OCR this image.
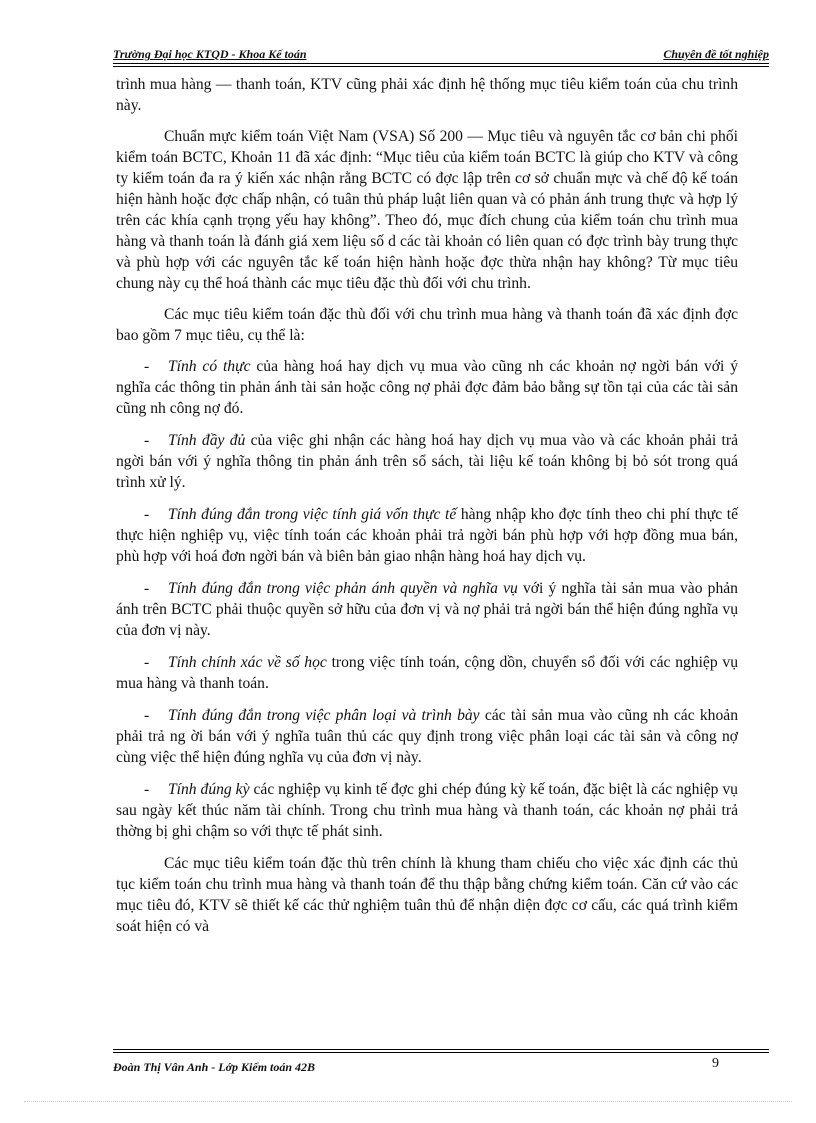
Trường Đại học KTQD - Khoa Kế toán	Chuyên đề tốt nghiệp

trình mua hàng — thanh toán, KTV cũng phải xác định hệ thống mục tiêu kiểm toán của chu trình này.

Chuẩn mực kiểm toán Việt Nam (VSA) Số 200 — Mục tiêu và nguyên tắc cơ bản chi phối kiểm toán BCTC, Khoản 11 đã xác định: “Mục tiêu của kiểm toán BCTC là giúp cho KTV và công ty kiểm toán đa ra ý kiến xác nhận rằng BCTC có đợc lập trên cơ sở chuẩn mực và chế độ kế toán hiện hành hoặc đợc chấp nhận, có tuân thủ pháp luật liên quan và có phản ánh trung thực và hợp lý trên các khía cạnh trọng yếu hay không”. Theo đó, mục đích chung của kiểm toán chu trình mua hàng và thanh toán là đánh giá xem liệu số d các tài khoản có liên quan có đợc trình bày trung thực và phù hợp với các nguyên tắc kế toán hiện hành hoặc đợc thừa nhận hay không? Từ mục tiêu chung này cụ thể hoá thành các mục tiêu đặc thù đối với chu trình.

Các mục tiêu kiểm toán đặc thù đối với chu trình mua hàng và thanh toán đã xác định đợc bao gồm 7 mục tiêu, cụ thể là:

- Tính có thực của hàng hoá hay dịch vụ mua vào cũng nh các khoản nợ ngời bán với ý nghĩa các thông tin phản ánh tài sản hoặc công nợ phải đợc đảm bảo bằng sự tồn tại của các tài sản cũng nh công nợ đó.

- Tính đầy đủ của việc ghi nhận các hàng hoá hay dịch vụ mua vào và các khoản phải trả ngời bán với ý nghĩa thông tin phản ánh trên sổ sách, tài liệu kế toán không bị bỏ sót trong quá trình xử lý.

- Tính đúng đắn trong việc tính giá vốn thực tế hàng nhập kho đợc tính theo chi phí thực tế thực hiện nghiệp vụ, việc tính toán các khoản phải trả ngời bán phù hợp với hợp đồng mua bán, phù hợp với hoá đơn ngời bán và biên bản giao nhận hàng hoá hay dịch vụ.

- Tính đúng đắn trong việc phản ánh quyền và nghĩa vụ với ý nghĩa tài sản mua vào phản ánh trên BCTC phải thuộc quyền sở hữu của đơn vị và nợ phải trả ngời bán thể hiện đúng nghĩa vụ của đơn vị này.

- Tính chính xác về số học trong việc tính toán, cộng dồn, chuyển sổ đối với các nghiệp vụ mua hàng và thanh toán.

- Tính đúng đắn trong việc phân loại và trình bày các tài sản mua vào cũng nh các khoản phải trả ng ời bán với ý nghĩa tuân thủ các quy định trong việc phân loại các tài sản và công nợ cùng việc thể hiện đúng nghĩa vụ của đơn vị này.

- Tính đúng kỳ các nghiệp vụ kinh tế đợc ghi chép đúng kỳ kế toán, đặc biệt là các nghiệp vụ sau ngày kết thúc năm tài chính. Trong chu trình mua hàng và thanh toán, các khoản nợ phải trả thờng bị ghi chậm so với thực tế phát sinh.

Các mục tiêu kiểm toán đặc thù trên chính là khung tham chiếu cho việc xác định các thủ tục kiểm toán chu trình mua hàng và thanh toán để thu thập bằng chứng kiểm toán. Căn cứ vào các mục tiêu đó, KTV sẽ thiết kế các thử nghiệm tuân thủ để nhận diện đợc cơ cấu, các quá trình kiểm soát hiện có và

Đoàn Thị Vân Anh - Lớp Kiểm toán 42B	9
